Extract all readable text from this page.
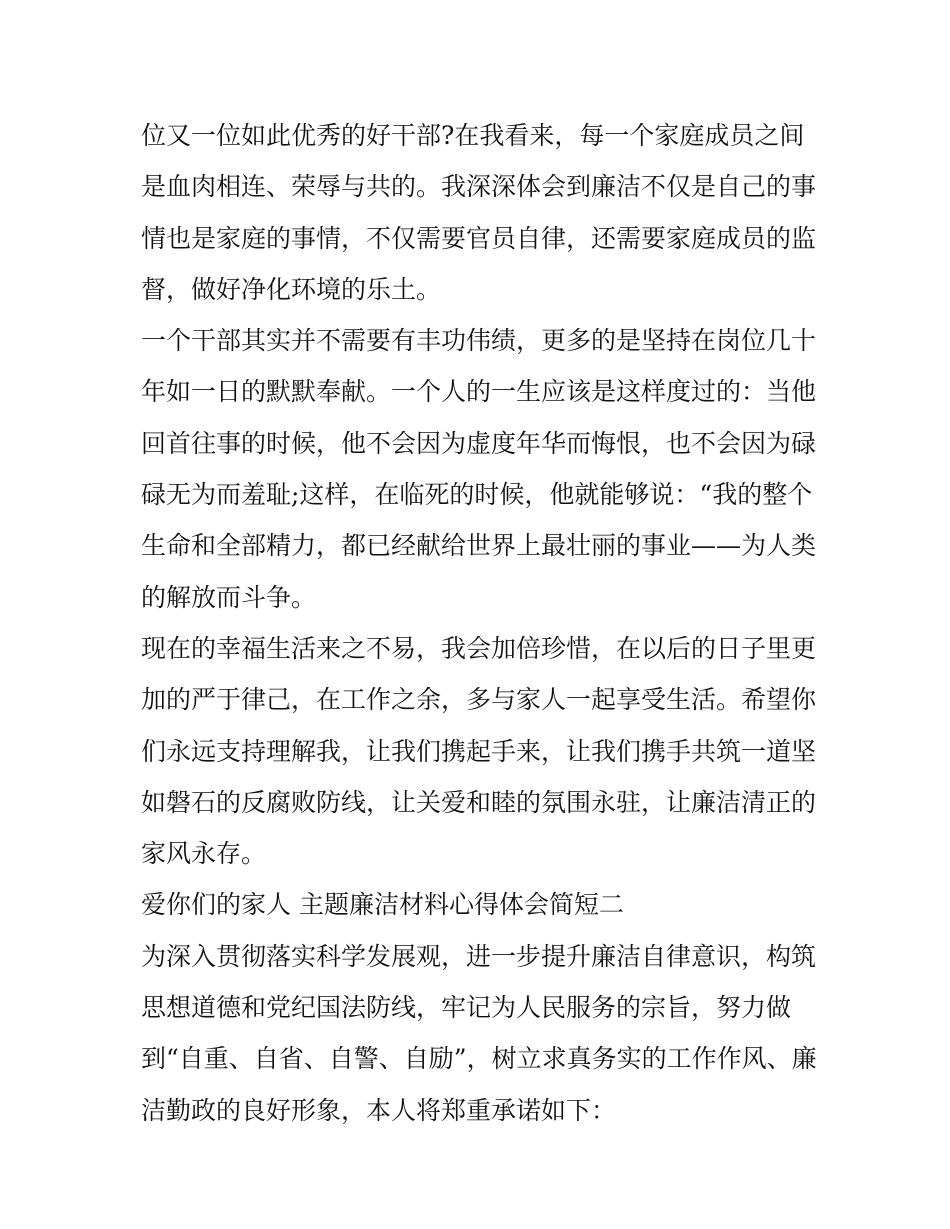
位又一位如此优秀的好干部?在我看来，每一个家庭成员之间
是血肉相连、荣辱与共的。我深深体会到廉洁不仅是自己的事
情也是家庭的事情，不仅需要官员自律，还需要家庭成员的监
督，做好净化环境的乐土。
一个干部其实并不需要有丰功伟绩，更多的是坚持在岗位几十
年如一日的默默奉献。一个人的一生应该是这样度过的：当他
回首往事的时候，他不会因为虚度年华而悔恨，也不会因为碌
碌无为而羞耻;这样，在临死的时候，他就能够说：“我的整个
生命和全部精力，都已经献给世界上最壮丽的事业——为人类
的解放而斗争。
现在的幸福生活来之不易，我会加倍珍惜，在以后的日子里更
加的严于律己，在工作之余，多与家人一起享受生活。希望你
们永远支持理解我，让我们携起手来，让我们携手共筑一道坚
如磐石的反腐败防线，让关爱和睦的氛围永驻，让廉洁清正的
家风永存。
爱你们的家人 主题廉洁材料心得体会简短二
为深入贯彻落实科学发展观，进一步提升廉洁自律意识，构筑
思想道德和党纪国法防线，牢记为人民服务的宗旨，努力做
到“自重、自省、自警、自励”，树立求真务实的工作作风、廉
洁勤政的良好形象，本人将郑重承诺如下：
